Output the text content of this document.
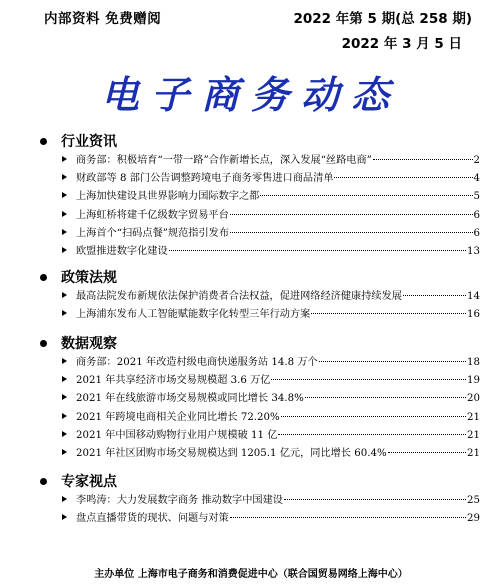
内部资料 免费赠阅	2022 年第 5 期(总 258 期)
2022 年 3 月 5 日
电子商务动态
行业资讯
商务部：积极培育“一带一路”合作新增长点，深入发展“丝路电商”	2
财政部等 8 部门公告调整跨境电子商务零售进口商品清单	4
上海加快建设具世界影响力国际数字之都	5
上海虹桥将建千亿级数字贸易平台	6
上海首个“扫码点餐”规范指引发布	6
欧盟推进数字化建设	13
政策法规
最高法院发布新规依法保护消费者合法权益，促进网络经济健康持续发展	14
上海浦东发布人工智能赋能数字化转型三年行动方案	16
数据观察
商务部：2021 年改造村级电商快递服务站 14.8 万个	18
2021 年共享经济市场交易规模超 3.6 万亿	19
2021 年在线旅游市场交易规模或同比增长 34.8%	20
2021 年跨境电商相关企业同比增长 72.20%	21
2021 年中国移动购物行业用户规模破 11 亿	21
2021 年社区团购市场交易规模达到 1205.1 亿元，同比增长 60.4%	21
专家视点
李鸣涛：大力发展数字商务 推动数字中国建设	25
盘点直播带货的现状、问题与对策	29
主办单位 上海市电子商务和消费促进中心（联合国贸易网络上海中心）
